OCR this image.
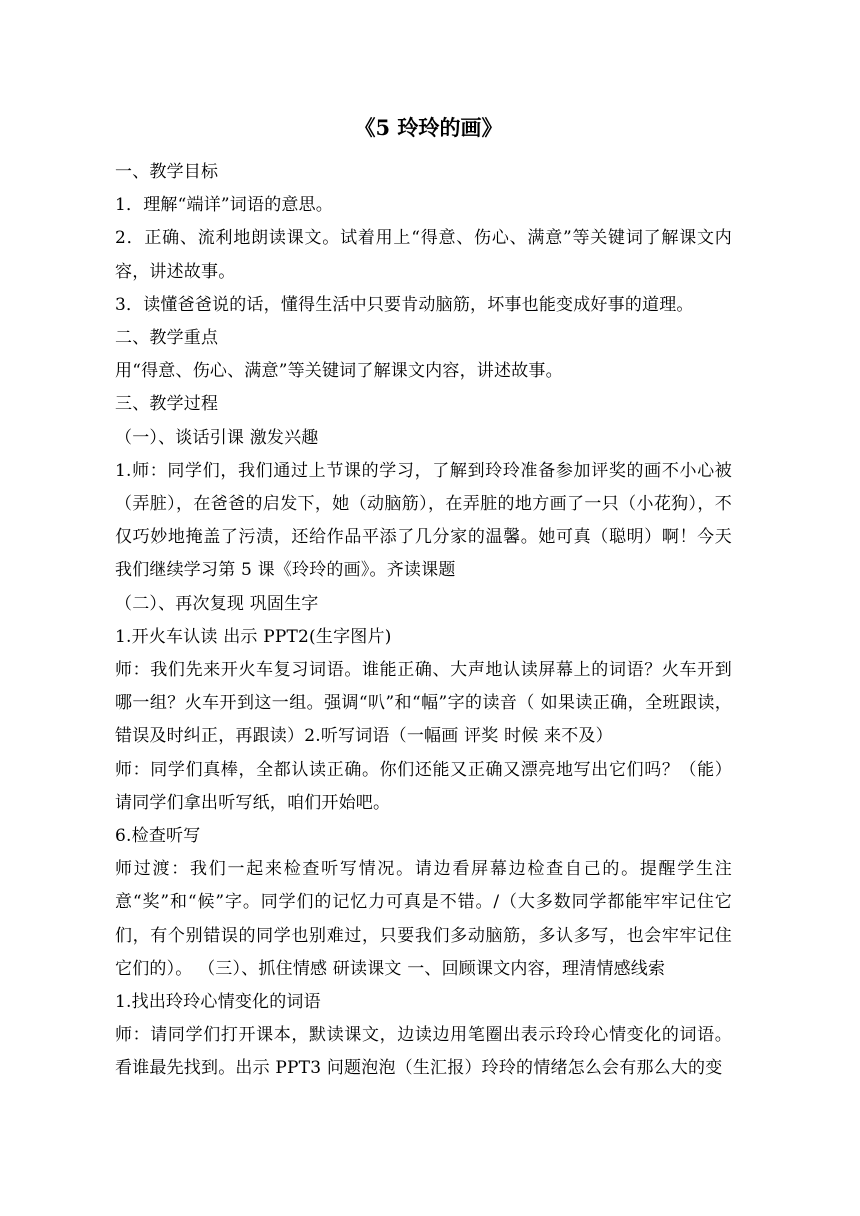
《5 玲玲的画》

一、教学目标

1．理解“端详”词语的意思。

2．正确、流利地朗读课文。试着用上“得意、伤心、满意”等关键词了解课文内容，讲述故事。

3．读懂爸爸说的话，懂得生活中只要肯动脑筋，坏事也能变成好事的道理。

二、教学重点

用“得意、伤心、满意”等关键词了解课文内容，讲述故事。

三、教学过程

（一）、谈话引课 激发兴趣

1.师：同学们，我们通过上节课的学习，了解到玲玲准备参加评奖的画不小心被（弄脏），在爸爸的启发下，她（动脑筋），在弄脏的地方画了一只（小花狗），不仅巧妙地掩盖了污渍，还给作品平添了几分家的温馨。她可真（聪明）啊！今天我们继续学习第 5 课《玲玲的画》。齐读课题

（二）、再次复现 巩固生字

1.开火车认读 出示 PPT2(生字图片)

师：我们先来开火车复习词语。谁能正确、大声地认读屏幕上的词语？火车开到哪一组？火车开到这一组。强调“叭”和“幅”字的读音（ 如果读正确，全班跟读，错误及时纠正，再跟读）2.听写词语（一幅画 评奖 时候 来不及）

师：同学们真棒，全都认读正确。你们还能又正确又漂亮地写出它们吗？（能）请同学们拿出听写纸，咱们开始吧。

6.检查听写

师过渡：我们一起来检查听写情况。请边看屏幕边检查自己的。提醒学生注意“奖”和“候”字。同学们的记忆力可真是不错。/（大多数同学都能牢牢记住它们，有个别错误的同学也别难过，只要我们多动脑筋，多认多写，也会牢牢记住它们的）。 （三）、抓住情感 研读课文 一、回顾课文内容，理清情感线索

1.找出玲玲心情变化的词语

师：请同学们打开课本，默读课文，边读边用笔圈出表示玲玲心情变化的词语。看谁最先找到。出示 PPT3 问题泡泡（生汇报）玲玲的情绪怎么会有那么大的变
